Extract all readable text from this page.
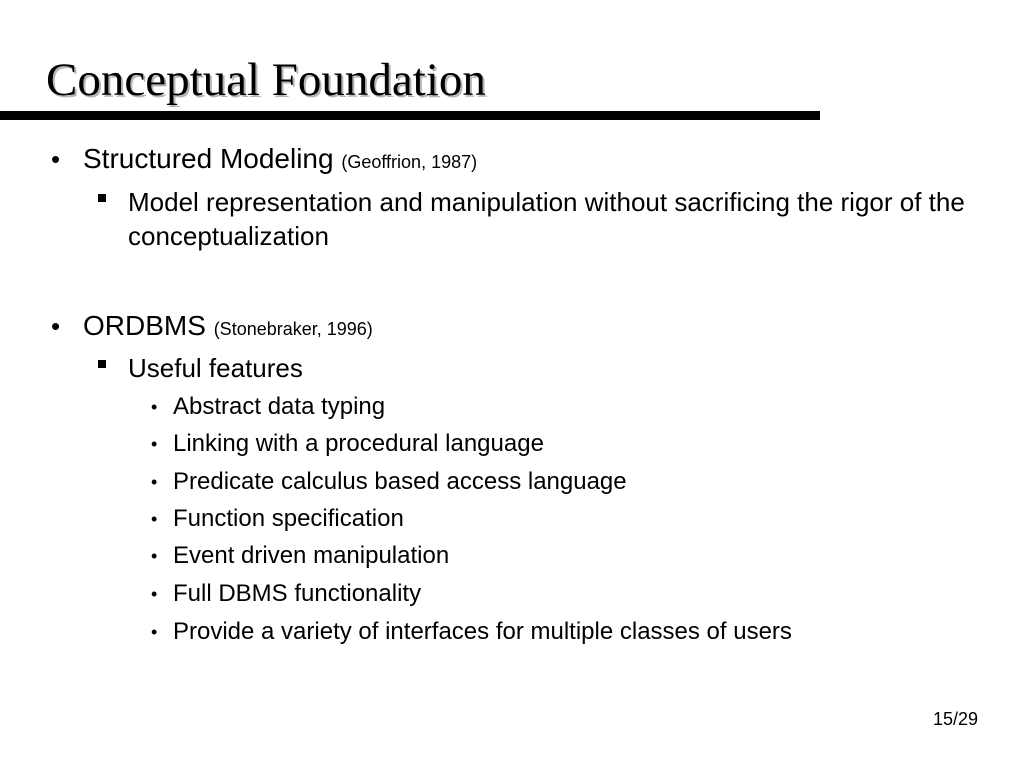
Conceptual Foundation
• Structured Modeling (Geoffrion, 1987)
Model representation and manipulation without sacrificing the rigor of the conceptualization
• ORDBMS (Stonebraker, 1996)
Useful features
• Abstract data typing
• Linking with a procedural language
• Predicate calculus based access language
• Function specification
• Event driven manipulation
• Full DBMS functionality
• Provide a variety of interfaces for multiple classes of users
15/29
